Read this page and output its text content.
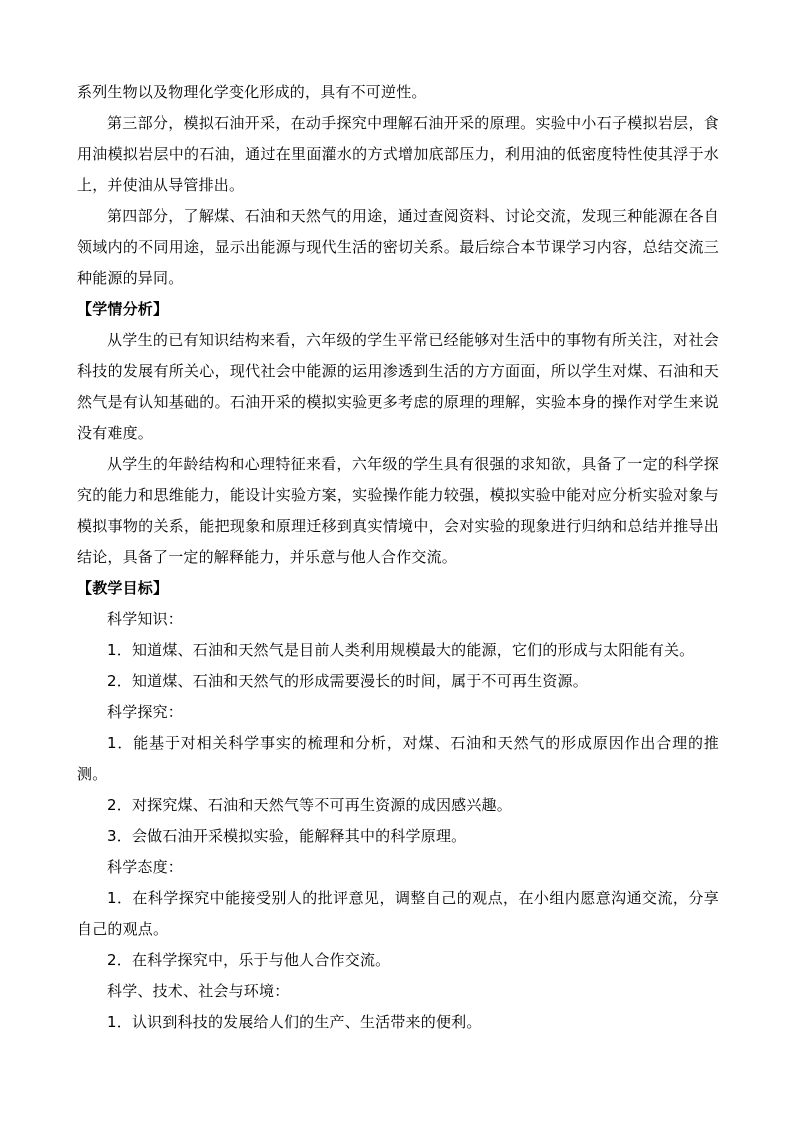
系列生物以及物理化学变化形成的，具有不可逆性。

第三部分，模拟石油开采，在动手探究中理解石油开采的原理。实验中小石子模拟岩层，食用油模拟岩层中的石油，通过在里面灌水的方式增加底部压力，利用油的低密度特性使其浮于水上，并使油从导管排出。

第四部分，了解煤、石油和天然气的用途，通过查阅资料、讨论交流，发现三种能源在各自领域内的不同用途，显示出能源与现代生活的密切关系。最后综合本节课学习内容，总结交流三种能源的异同。

【学情分析】

从学生的已有知识结构来看，六年级的学生平常已经能够对生活中的事物有所关注，对社会科技的发展有所关心，现代社会中能源的运用渗透到生活的方方面面，所以学生对煤、石油和天然气是有认知基础的。石油开采的模拟实验更多考虑的原理的理解，实验本身的操作对学生来说没有难度。

从学生的年龄结构和心理特征来看，六年级的学生具有很强的求知欲，具备了一定的科学探究的能力和思维能力，能设计实验方案，实验操作能力较强，模拟实验中能对应分析实验对象与模拟事物的关系，能把现象和原理迁移到真实情境中，会对实验的现象进行归纳和总结并推导出结论，具备了一定的解释能力，并乐意与他人合作交流。

【教学目标】

科学知识：

1．知道煤、石油和天然气是目前人类利用规模最大的能源，它们的形成与太阳能有关。

2．知道煤、石油和天然气的形成需要漫长的时间，属于不可再生资源。

科学探究：

1．能基于对相关科学事实的梳理和分析，对煤、石油和天然气的形成原因作出合理的推测。

2．对探究煤、石油和天然气等不可再生资源的成因感兴趣。

3．会做石油开采模拟实验，能解释其中的科学原理。

科学态度：

1．在科学探究中能接受别人的批评意见，调整自己的观点，在小组内愿意沟通交流，分享自己的观点。

2．在科学探究中，乐于与他人合作交流。

科学、技术、社会与环境：

1．认识到科技的发展给人们的生产、生活带来的便利。
